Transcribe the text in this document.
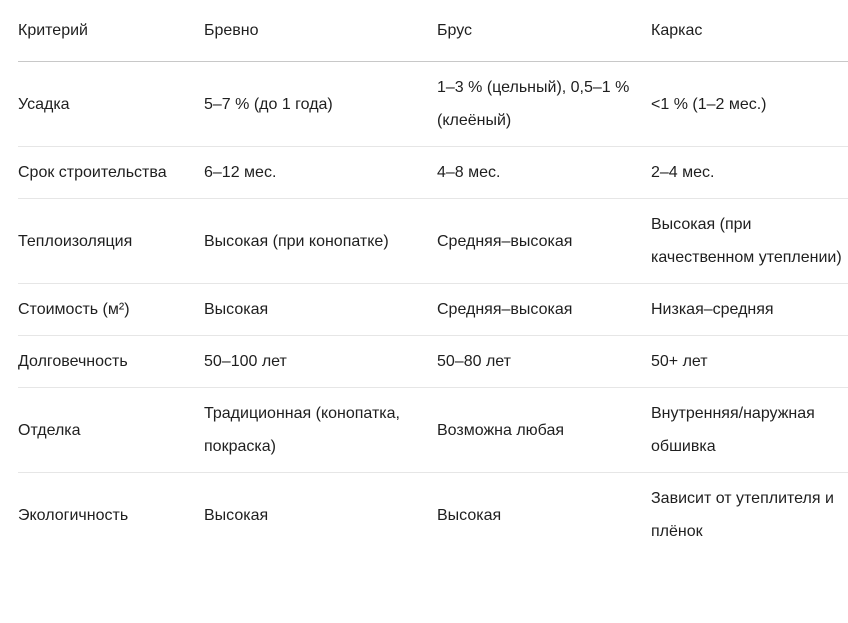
Критерий	Бревно	Брус	Каркас
Усадка	5–7 % (до 1 года)	1–3 % (цельный), 0,5–1 % (клеёный)	<1 % (1–2 мес.)
Срок строительства	6–12 мес.	4–8 мес.	2–4 мес.
Теплоизоляция	Высокая (при конопатке)	Средняя–высокая	Высокая (при качественном утеплении)
Стоимость (м²)	Высокая	Средняя–высокая	Низкая–средняя
Долговечность	50–100 лет	50–80 лет	50+ лет
Отделка	Традиционная (конопатка, покраска)	Возможна любая	Внутренняя/наружная обшивка
Экологичность	Высокая	Высокая	Зависит от утеплителя и плёнок
